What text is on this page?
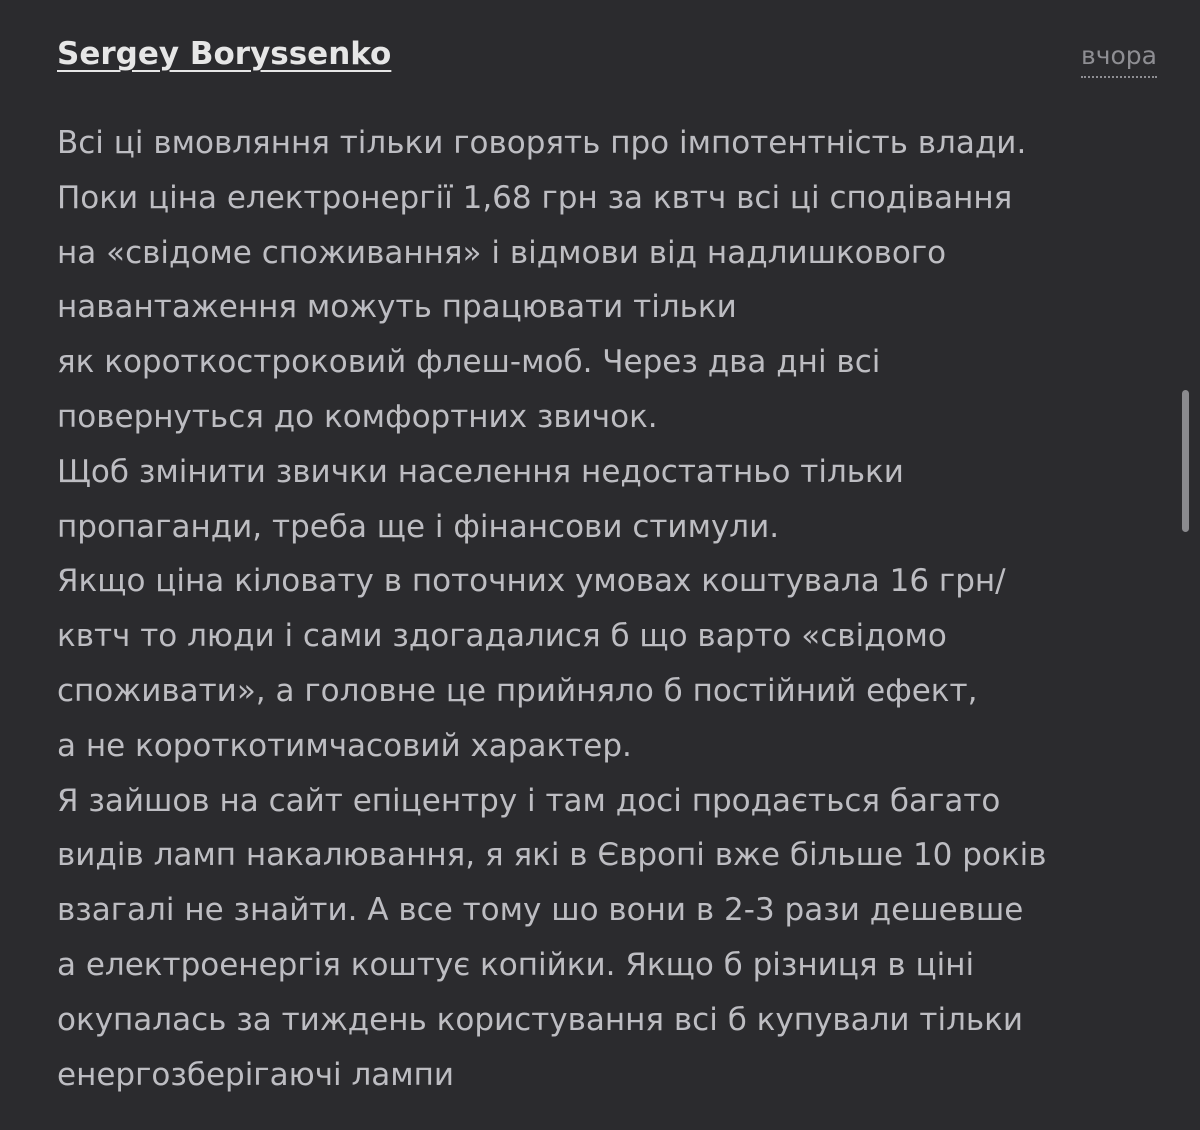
Sergey Boryssenko	вчора
Всі ці вмовляння тільки говорять про імпотентність влади.
Поки ціна електронергії 1,68 грн за квтч всі ці сподівання
на «свідоме споживання» і відмови від надлишкового
навантаження можуть працювати тільки
як короткостроковий флеш-моб. Через два дні всі
повернуться до комфортних звичок.
Щоб змінити звички населення недостатньо тільки
пропаганди, треба ще і фінансови стимули.
Якщо ціна кіловату в поточних умовах коштувала 16 грн/
квтч то люди і сами здогадалися б що варто «свідомо
споживати», а головне це прийняло б постійний ефект,
а не короткотимчасовий характер.
Я зайшов на сайт епіцентру і там досі продається багато
видів ламп накалювання, я які в Європі вже більше 10 років
взагалі не знайти. А все тому шо вони в 2-3 рази дешевше
а електроенергія коштує копійки. Якщо б різниця в ціні
окупалась за тиждень користування всі б купували тільки
енергозберігаючі лампи
